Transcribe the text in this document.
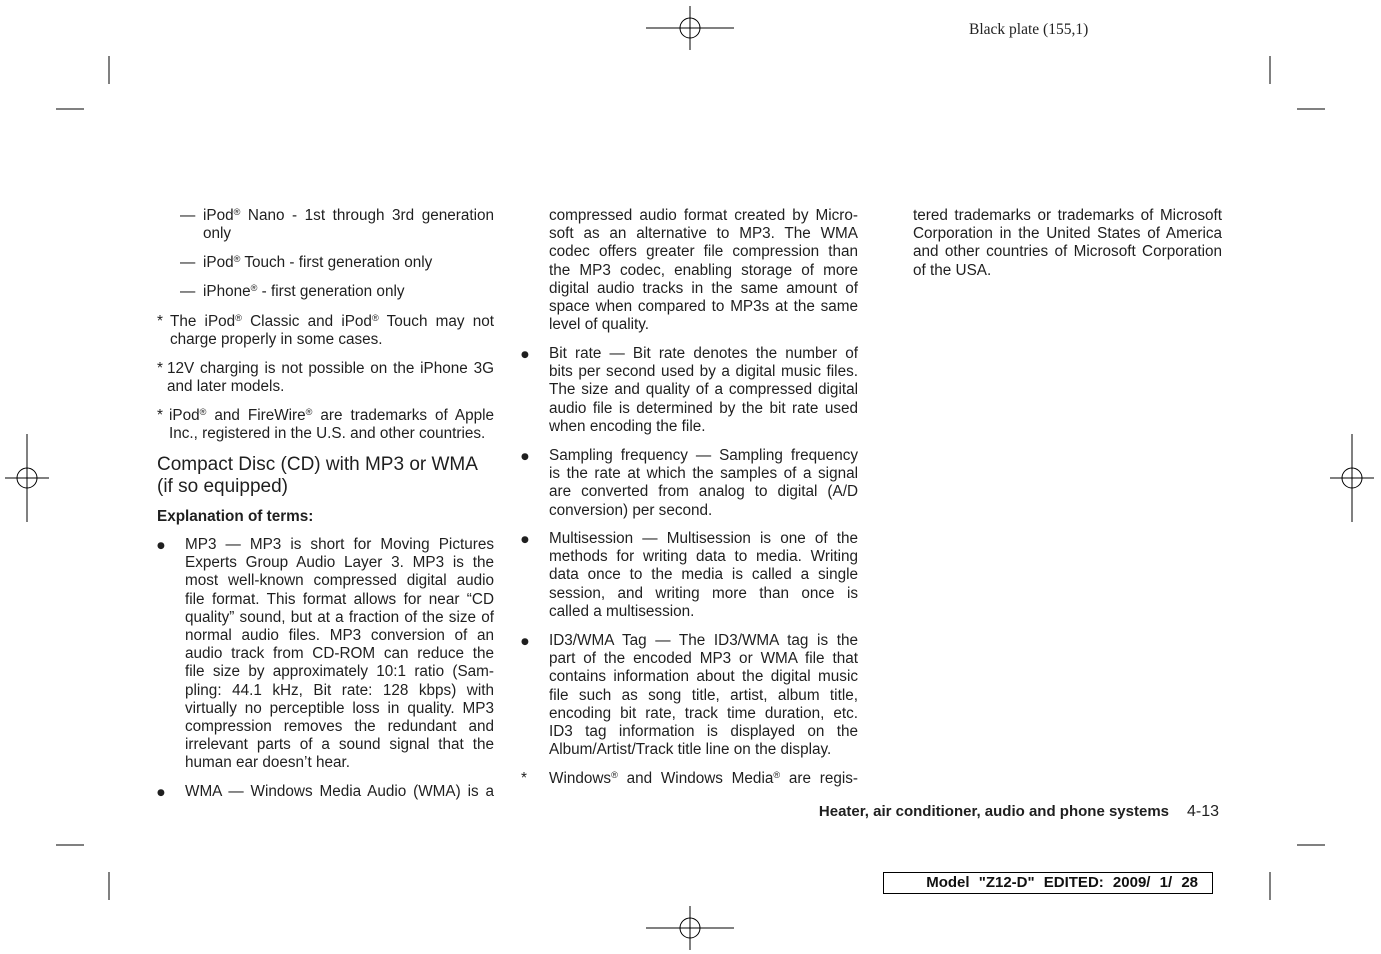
Black plate (155,1)
— iPod® Nano - 1st through 3rd generation
only
— iPod® Touch - first generation only
— iPhone® - first generation only
* The iPod® Classic and iPod® Touch may not
charge properly in some cases.
* 12V charging is not possible on the iPhone 3G
and later models.
* iPod® and FireWire® are trademarks of Apple
Inc., registered in the U.S. and other countries.
Compact Disc (CD) with MP3 or WMA
(if so equipped)
Explanation of terms:
● MP3 — MP3 is short for Moving Pictures
Experts Group Audio Layer 3. MP3 is the
most well-known compressed digital audio
file format. This format allows for near “CD
quality” sound, but at a fraction of the size of
normal audio files. MP3 conversion of an
audio track from CD-ROM can reduce the
file size by approximately 10:1 ratio (Sam-
pling: 44.1 kHz, Bit rate: 128 kbps) with
virtually no perceptible loss in quality. MP3
compression removes the redundant and
irrelevant parts of a sound signal that the
human ear doesn’t hear.
● WMA — Windows Media Audio (WMA) is a
compressed audio format created by Micro-
soft as an alternative to MP3. The WMA
codec offers greater file compression than
the MP3 codec, enabling storage of more
digital audio tracks in the same amount of
space when compared to MP3s at the same
level of quality.
● Bit rate — Bit rate denotes the number of
bits per second used by a digital music files.
The size and quality of a compressed digital
audio file is determined by the bit rate used
when encoding the file.
● Sampling frequency — Sampling frequency
is the rate at which the samples of a signal
are converted from analog to digital (A/D
conversion) per second.
● Multisession — Multisession is one of the
methods for writing data to media. Writing
data once to the media is called a single
session, and writing more than once is
called a multisession.
● ID3/WMA Tag — The ID3/WMA tag is the
part of the encoded MP3 or WMA file that
contains information about the digital music
file such as song title, artist, album title,
encoding bit rate, track time duration, etc.
ID3 tag information is displayed on the
Album/Artist/Track title line on the display.
* Windows® and Windows Media® are regis-
tered trademarks or trademarks of Microsoft
Corporation in the United States of America
and other countries of Microsoft Corporation
of the USA.
Heater, air conditioner, audio and phone systems 4-13
Model "Z12-D" EDITED: 2009/ 1/ 28
